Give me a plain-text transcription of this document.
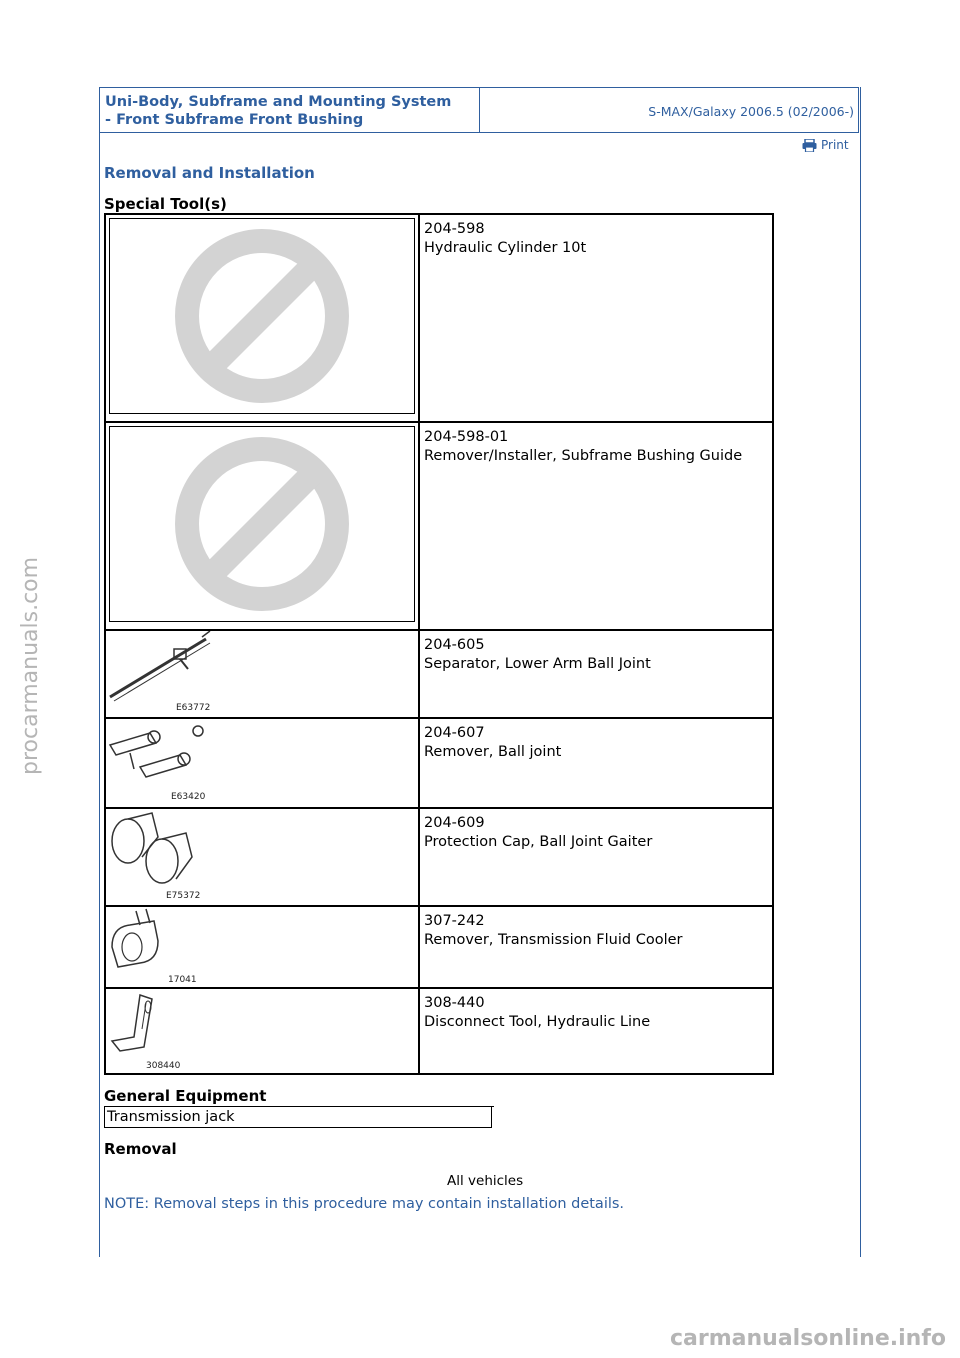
Uni-Body, Subframe and Mounting System
- Front Subframe Front Bushing
S-MAX/Galaxy 2006.5 (02/2006-)
Print
Removal and Installation
Special Tool(s)

204-598
Hydraulic Cylinder 10t

204-598-01
Remover/Installer, Subframe Bushing Guide

E63772	204-605
Separator, Lower Arm Ball Joint

E63420	204-607
Remover, Ball joint

E75372	204-609
Protection Cap, Ball Joint Gaiter

17041	307-242
Remover, Transmission Fluid Cooler

308440	308-440
Disconnect Tool, Hydraulic Line
General Equipment
Transmission jack
Removal
All vehicles
NOTE: Removal steps in this procedure may contain installation details.
procarmanuals.com
carmanualsonline.info
